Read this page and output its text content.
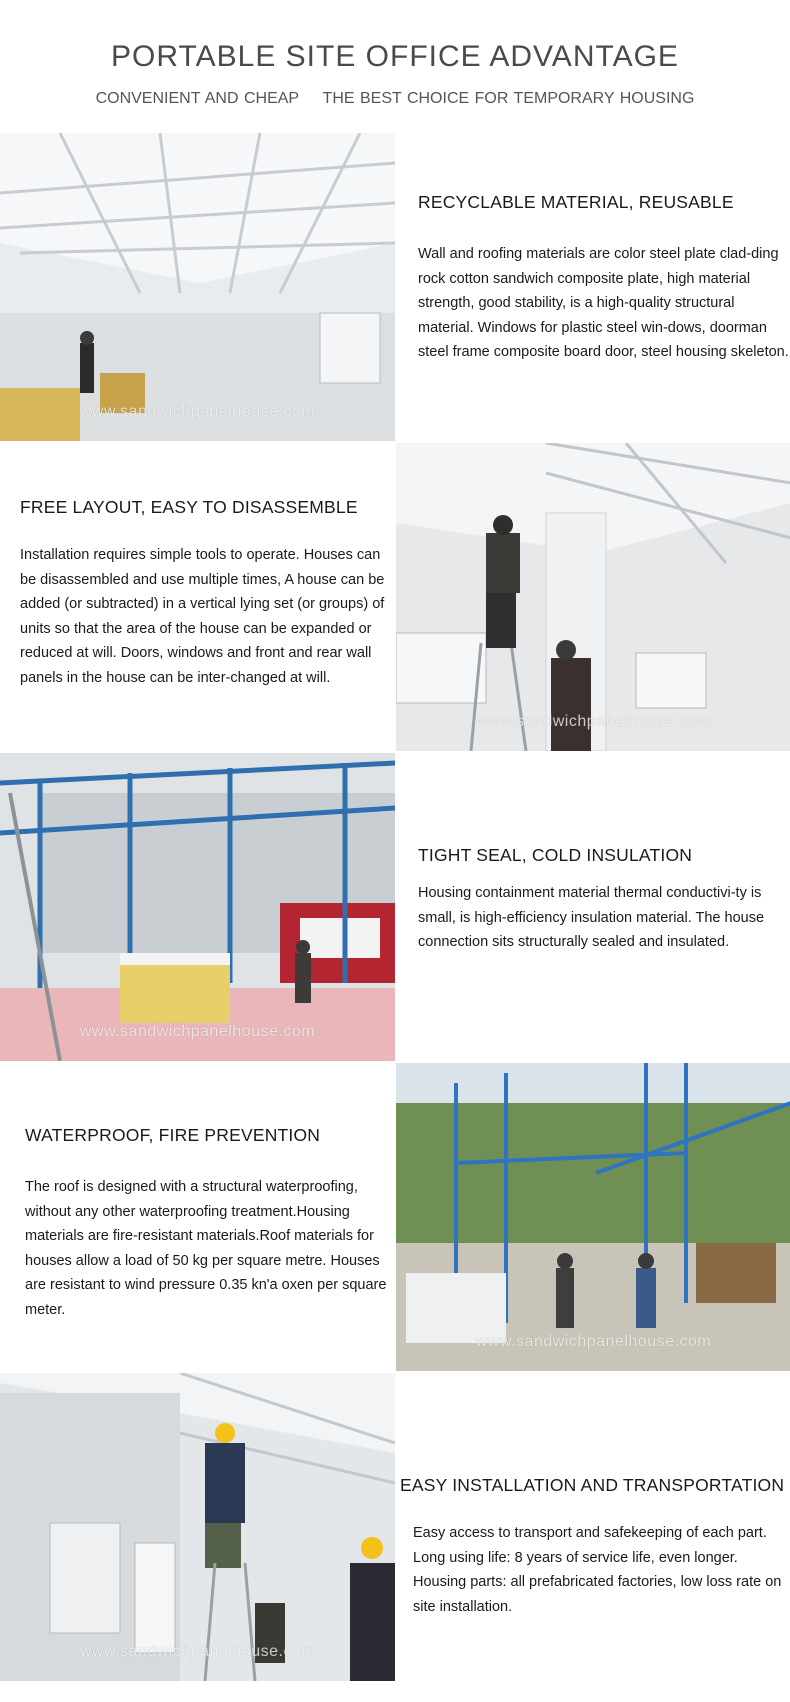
PORTABLE SITE OFFICE ADVANTAGE
CONVENIENT AND CHEAP THE BEST CHOICE FOR TEMPORARY HOUSING
www.sandwichpanelhouse.com
RECYCLABLE MATERIAL, REUSABLE

Wall and roofing materials are color steel plate clad-ding rock cotton sandwich composite plate, high material strength, good stability, is a high-quality structural material. Windows for plastic steel win-dows, doorman steel frame composite board door, steel housing skeleton.

FREE LAYOUT, EASY TO DISASSEMBLE

Installation requires simple tools to operate. Houses can be disassembled and use multiple times, A house can be added (or subtracted) in a vertical lying set (or groups) of units so that the area of the house can be expanded or reduced at will. Doors, windows and front and rear wall panels in the house can be inter-changed at will.

www.sandwichpanelhouse.com
www.sandwichpanelhouse.com
TIGHT SEAL, COLD INSULATION

Housing containment material thermal conductivi-ty is small, is high-efficiency insulation material. The house connection sits structurally sealed and insulated.

WATERPROOF, FIRE PREVENTION

The roof is designed with a structural waterproofing, without any other waterproofing treatment.Housing materials are fire-resistant materials.Roof materials for houses allow a load of 50 kg per square metre. Houses are resistant to wind pressure 0.35 kn'a oxen per square meter.

www.sandwichpanelhouse.com
www.sandwichpanelhouse.com
EASY INSTALLATION AND TRANSPORTATION

Easy access to transport and safekeeping of each part. Long using life: 8 years of service life, even longer. Housing parts: all prefabricated factories, low loss rate on site installation.
